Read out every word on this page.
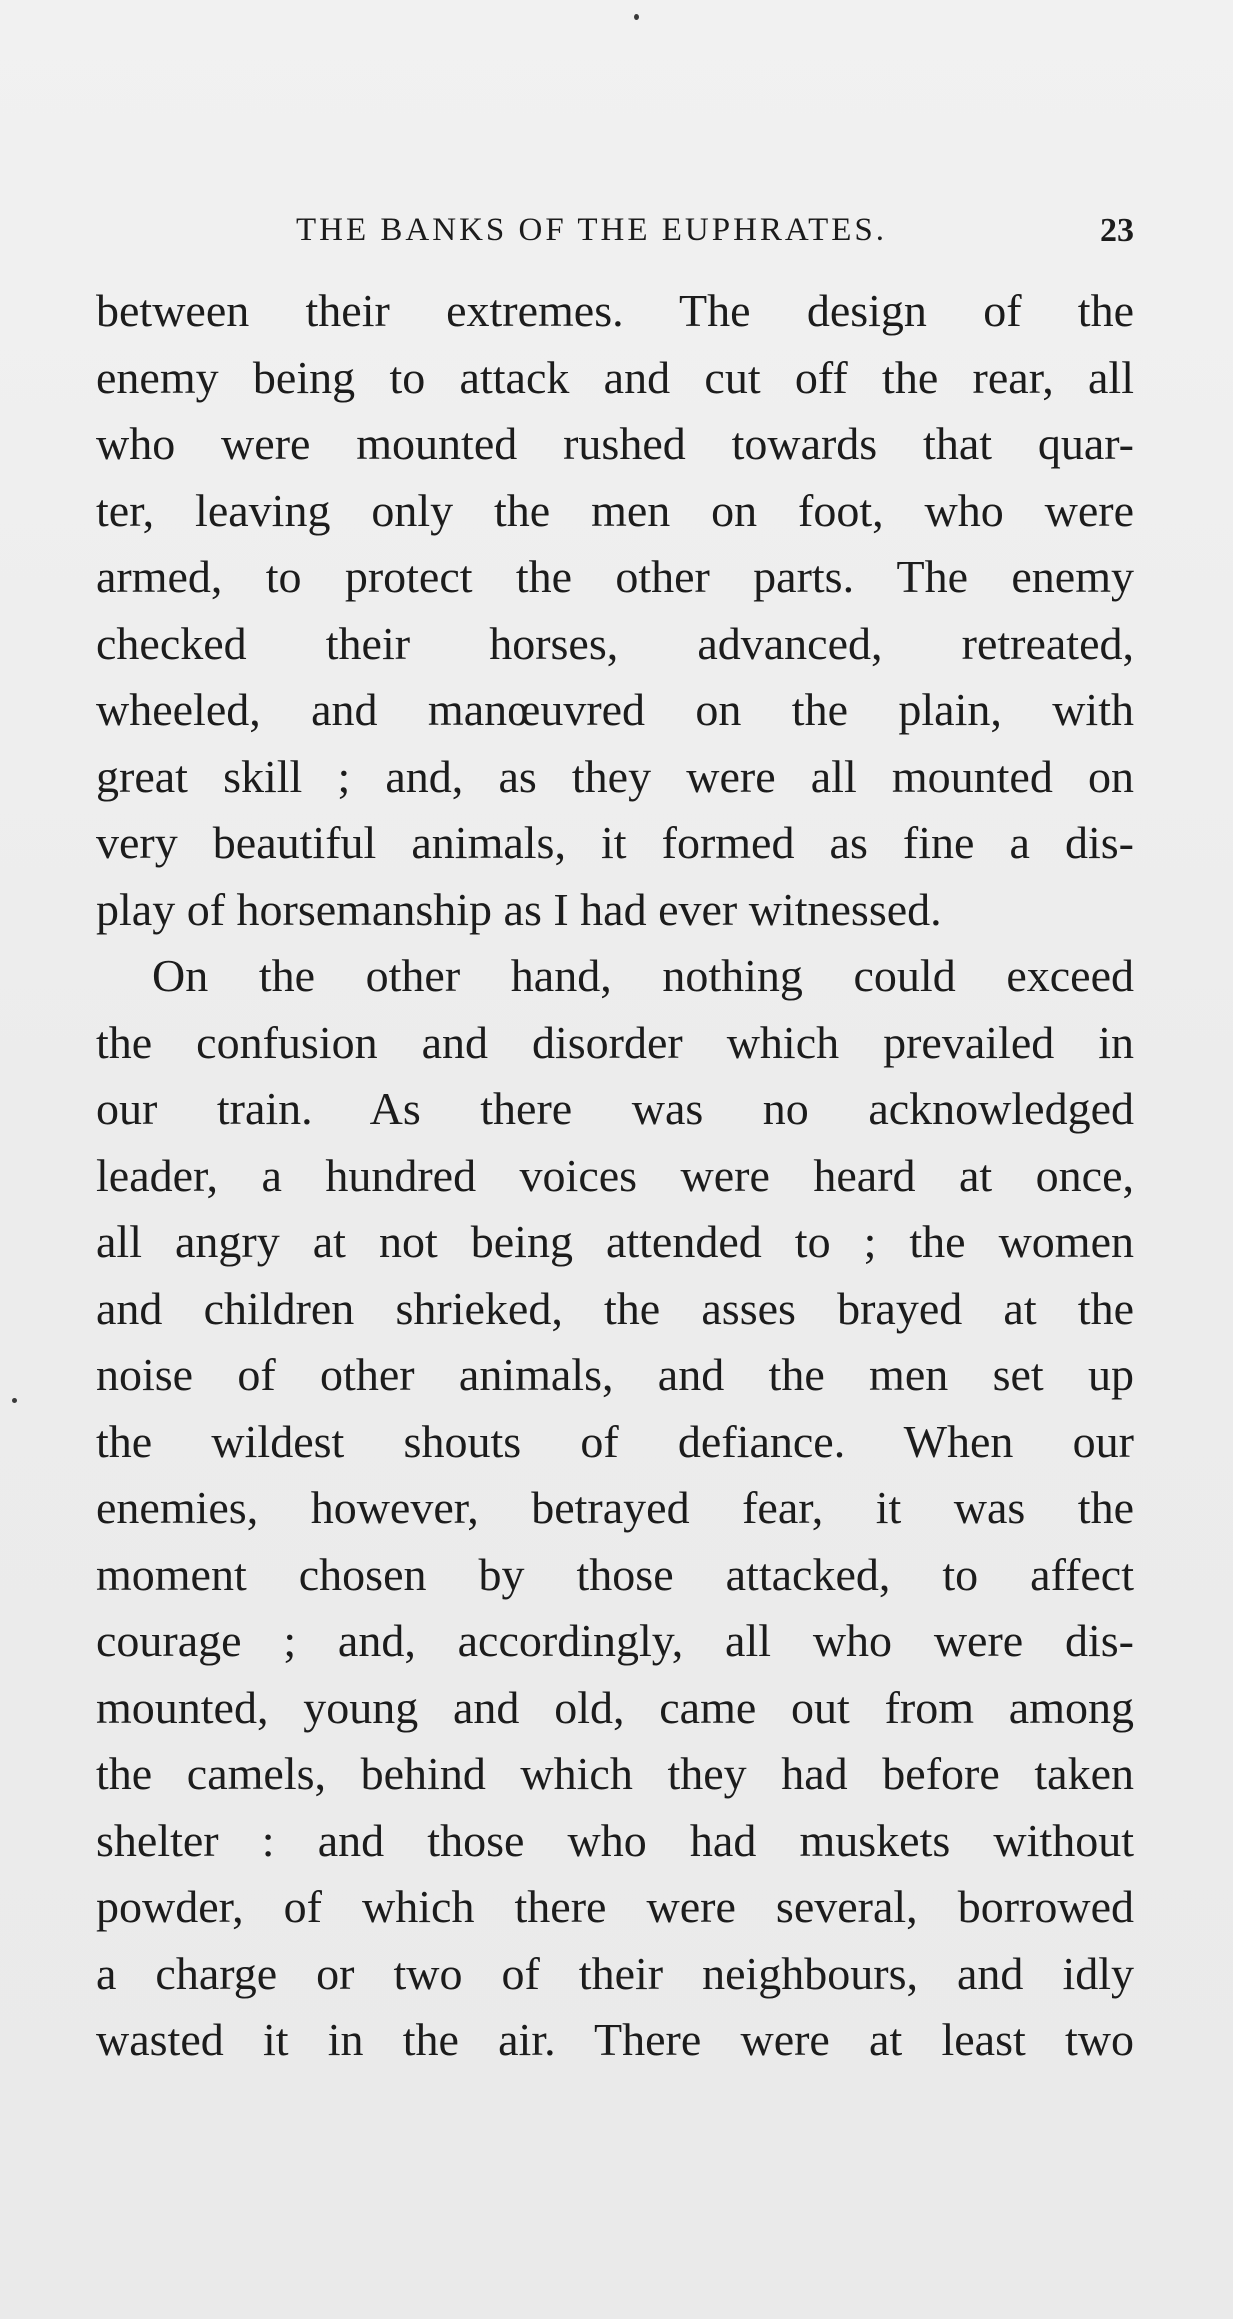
THE BANKS OF THE EUPHRATES.	23
between their extremes. The design of the
enemy being to attack and cut off the rear, all
who were mounted rushed towards that quar-
ter, leaving only the men on foot, who were
armed, to protect the other parts. The enemy
checked their horses, advanced, retreated,
wheeled, and manœuvred on the plain, with
great skill ; and, as they were all mounted on
very beautiful animals, it formed as fine a dis-
play of horsemanship as I had ever witnessed.
On the other hand, nothing could exceed
the confusion and disorder which prevailed in
our train. As there was no acknowledged
leader, a hundred voices were heard at once,
all angry at not being attended to ; the women
and children shrieked, the asses brayed at the
noise of other animals, and the men set up
the wildest shouts of defiance. When our
enemies, however, betrayed fear, it was the
moment chosen by those attacked, to affect
courage ; and, accordingly, all who were dis-
mounted, young and old, came out from among
the camels, behind which they had before taken
shelter : and those who had muskets without
powder, of which there were several, borrowed
a charge or two of their neighbours, and idly
wasted it in the air. There were at least two
